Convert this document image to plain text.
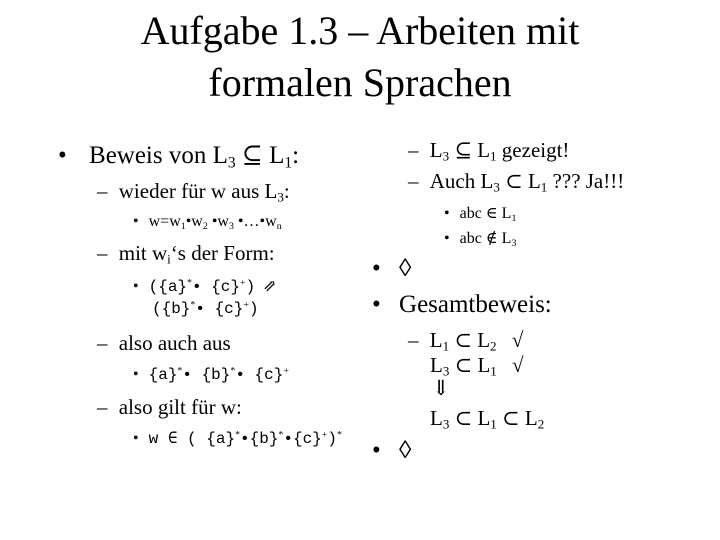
Aufgabe 1.3 – Arbeiten mit
formalen Sprachen
• Beweis von $L_3$ ⊆ $L_1$:
– wieder für w aus $L_3$:
• $w=w_1•w_2$ $•w_3$ $•\dots•w_n$
– mit $w_i‘s$ der Form:
• ({a}*• {c}+) ⇗
({b}*• {c}+)
– also auch aus
• {a}*• {b}*• {c}+
– also gilt für w:
• w ∈ ( {a}*•{b}*•{c}+)*
– $L_3$ ⊆ $L_1$ gezeigt!
– Auch $L_3$ ⊂ $L_1$ ??? Ja!!!
• abc ∈ $L_1$
• abc ∉ $L_3$
• ◊
• Gesamtbeweis:
– $L_1$ ⊂ $L_2$ √
$L_3$ ⊂ $L_1$ √
⇓
$L_3$ ⊂ $L_1$ ⊂ $L_2$
• ◊
